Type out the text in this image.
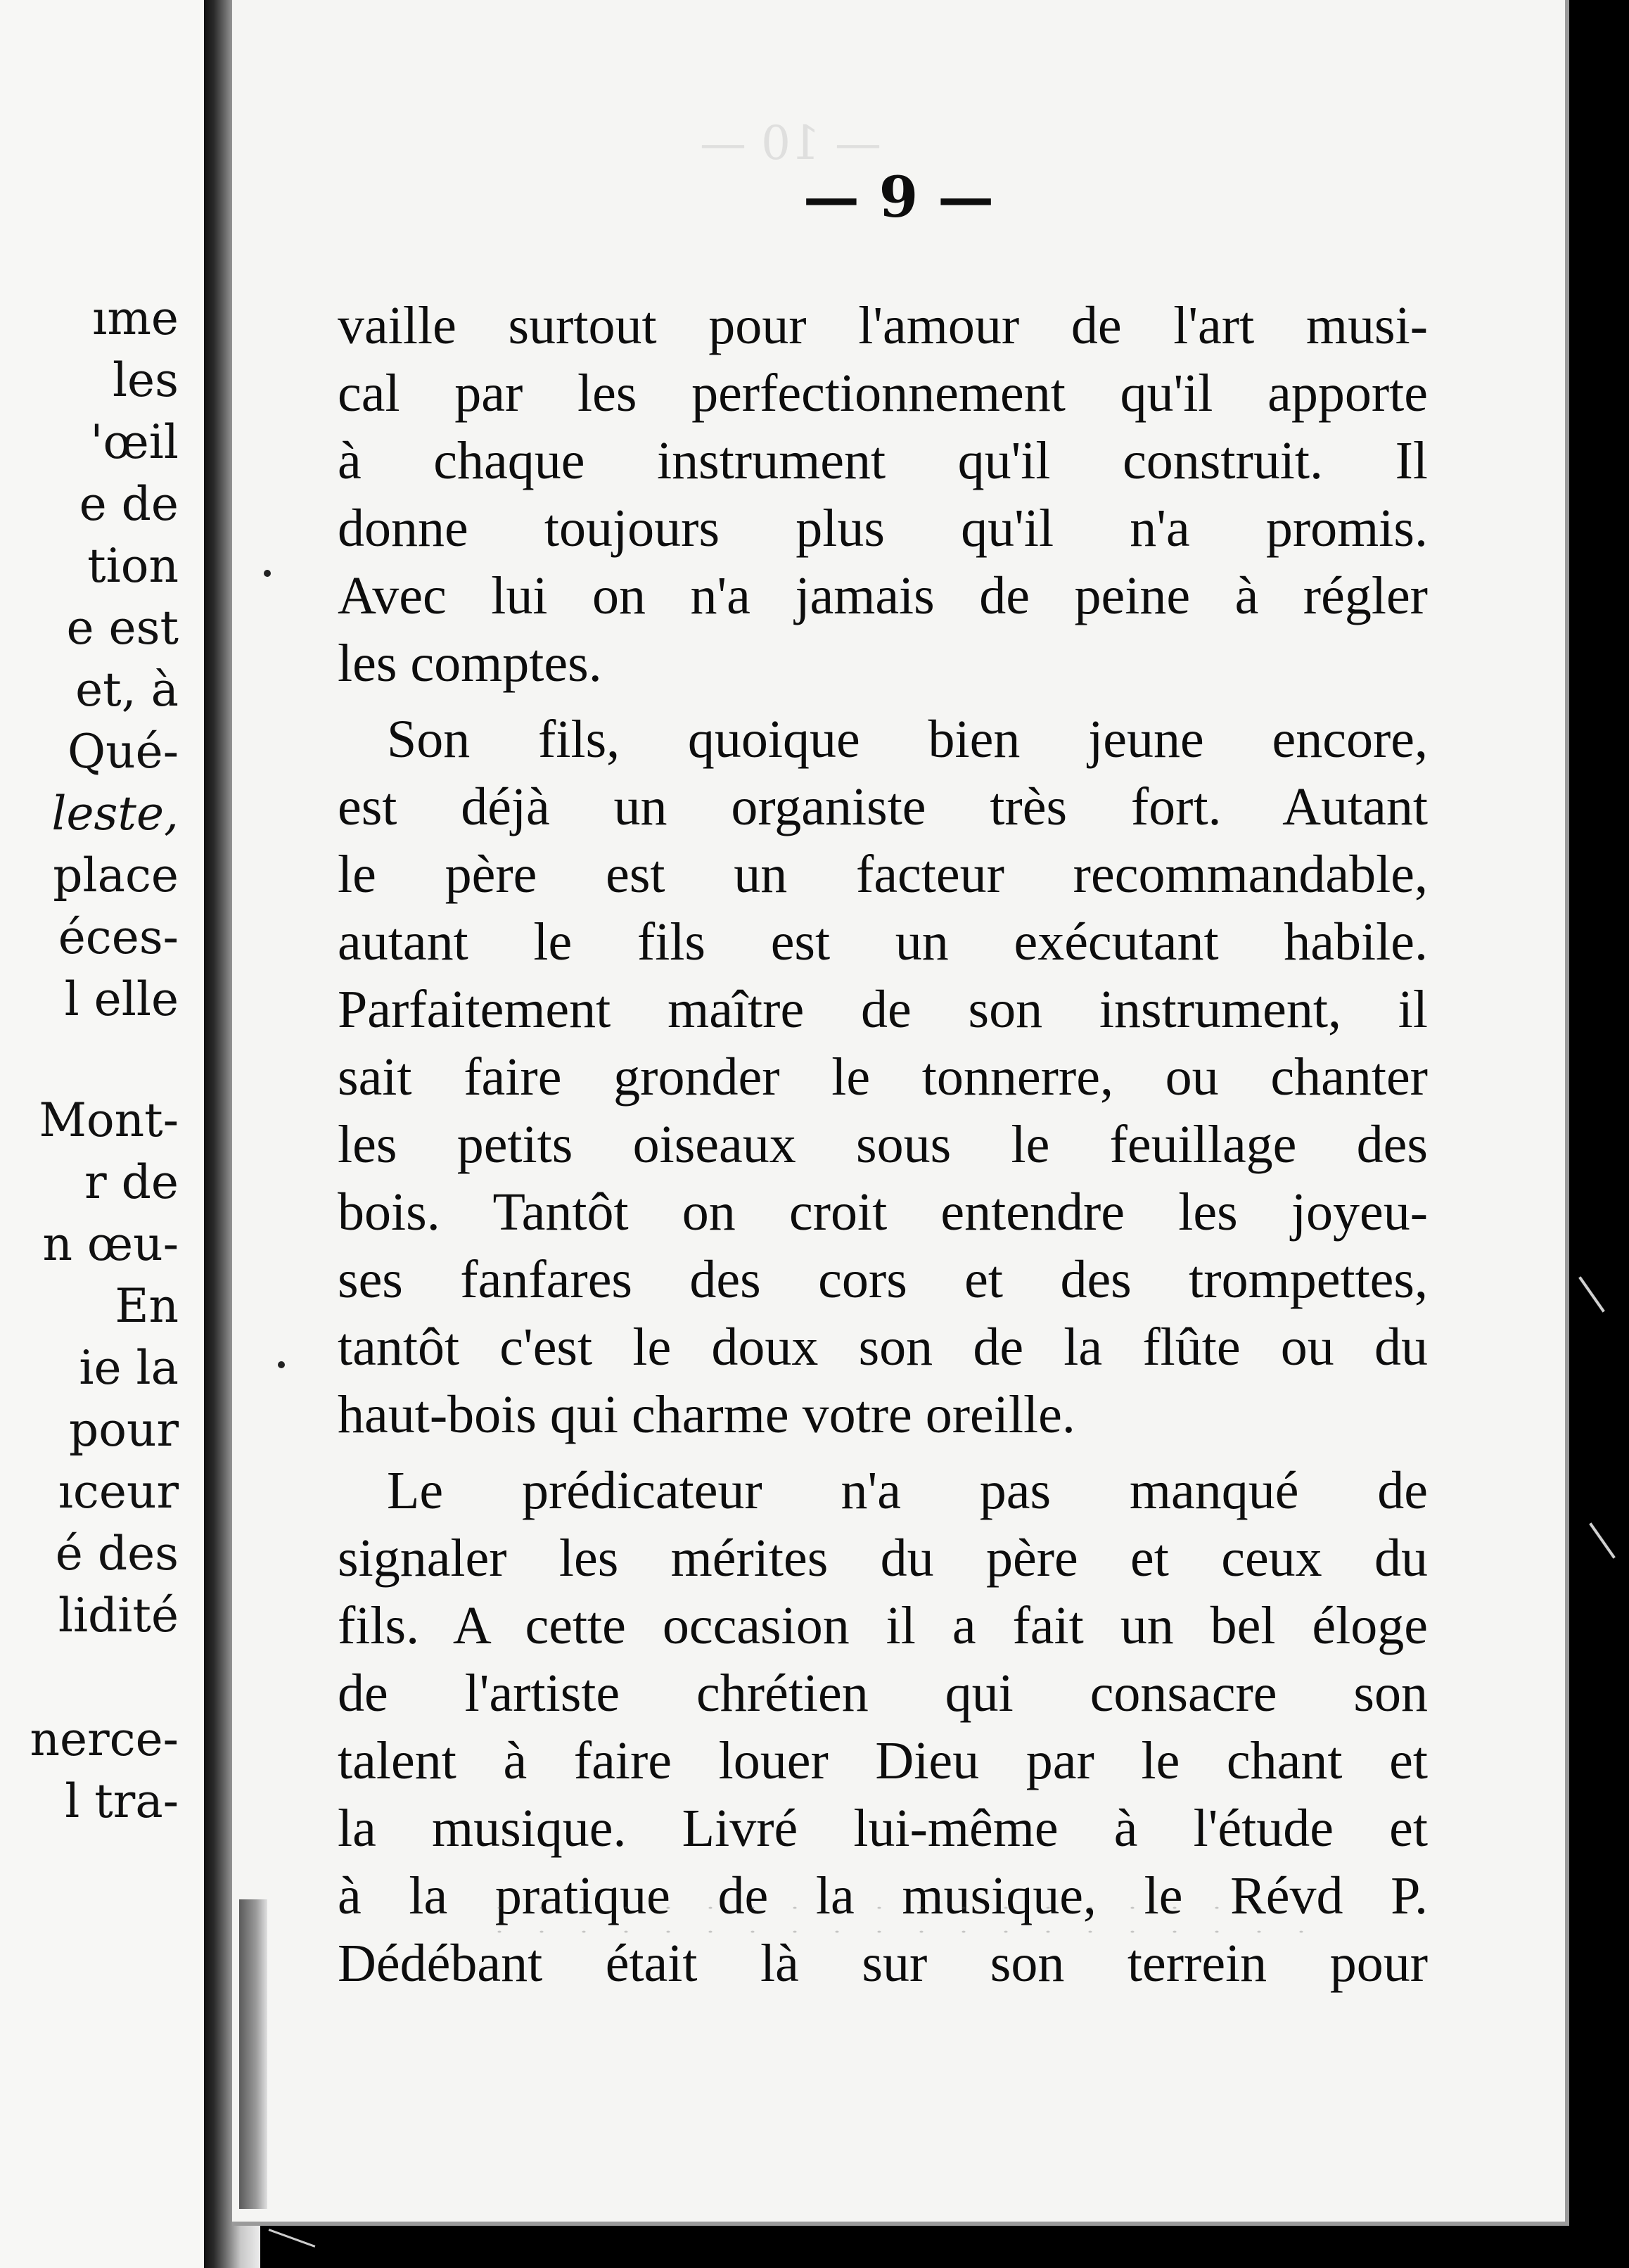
ıme
les
'œil
e de
tion
e est
et, à
Qué-
leste,
place
éces-
l elle
Mont-
r de
n œu-
En
ie la
pour
ıceur
é des
lidité
nerce-
l tra-
— 10 —
— 9 —
vaille surtout pour l'amour de l'art musi-
cal par les perfectionnement qu'il apporte
à chaque instrument qu'il construit. Il
donne toujours plus qu'il n'a promis.
Avec lui on n'a jamais de peine à régler
les comptes.
Son fils, quoique bien jeune encore,
est déjà un organiste très fort. Autant
le père est un facteur recommandable,
autant le fils est un exécutant habile.
Parfaitement maître de son instrument, il
sait faire gronder le tonnerre, ou chanter
les petits oiseaux sous le feuillage des
bois. Tantôt on croit entendre les joyeu-
ses fanfares des cors et des trompettes,
tantôt c'est le doux son de la flûte ou du
haut-bois qui charme votre oreille.
Le prédicateur n'a pas manqué de
signaler les mérites du père et ceux du
fils. A cette occasion il a fait un bel éloge
de l'artiste chrétien qui consacre son
talent à faire louer Dieu par le chant et
la musique. Livré lui-même à l'étude et
à la pratique de la musique, le Révd P.
Dédébant était là sur son terrein pour
